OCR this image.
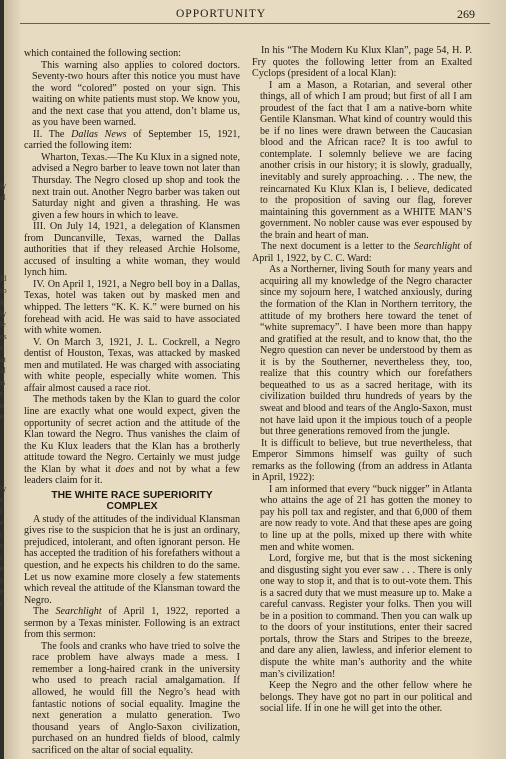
ly
al
ld
ro
g
ly
le
es
e
at
al
is
r
n
e
ly
e
l
e
c
e
t
e
s
e
t
OPPORTUNITY	269

which contained the following section:

This warning also applies to colored doctors. Seventy-two hours after this notice you must have the word “colored” posted on your sign. This waiting on white patients must stop. We know you, and the next case that you attend, don’t blame us, as you have been warned.

II. The Dallas News of September 15, 1921, carried the following item:

Wharton, Texas.—The Ku Klux in a signed note, advised a Negro barber to leave town not later than Thursday. The Negro closed up shop and took the next train out. Another Negro barber was taken out Saturday night and given a thrashing. He was given a few hours in which to leave.

III. On July 14, 1921, a delegation of Klansmen from Duncanville, Texas, warned the Dallas authorities that if they released Archie Holsome, accused of insulting a white woman, they would lynch him.

IV. On April 1, 1921, a Negro bell boy in a Dallas, Texas, hotel was taken out by masked men and whipped. The letters “K. K. K.” were burned on his forehead with acid. He was said to have associated with white women.

V. On March 3, 1921, J. L. Cockrell, a Negro dentist of Houston, Texas, was attacked by masked men and mutilated. He was charged with associating with white people, especially white women. This affair almost caused a race riot.

The methods taken by the Klan to guard the color line are exactly what one would expect, given the opportunity of secret action and the attitude of the Klan toward the Negro. Thus vanishes the claim of the Ku Klux leaders that the Klan has a brotherly attitude toward the Negro. Certainly we must judge the Klan by what it does and not by what a few leaders claim for it.

THE WHITE RACE SUPERIORITY
COMPLEX

A study of the attitudes of the individual Klansman gives rise to the suspicion that he is just an ordinary, prejudiced, intolerant, and often ignorant person. He has accepted the tradition of his forefathers without a question, and he expects his children to do the same. Let us now examine more closely a few statements which reveal the attitude of the Klansman toward the Negro.

The Searchlight of April 1, 1922, reported a sermon by a Texas minister. Following is an extract from this sermon:

The fools and cranks who have tried to solve the race problem have always made a mess. I remember a long-haired crank in the university who used to preach racial amalgamation. If allowed, he would fill the Negro’s head with fantastic notions of social equality. Imagine the next generation a mulatto generation. Two thousand years of Anglo-Saxon civilization, purchased on an hundred fields of blood, calmly sacrificed on the altar of social equality.

In his “The Modern Ku Klux Klan”, page 54, H. P. Fry quotes the following letter from an Exalted Cyclops (president of a local Klan):

I am a Mason, a Rotarian, and several other things, all of which I am proud; but first of all I am proudest of the fact that I am a native-born white Gentile Klansman. What kind of country would this be if no lines were drawn between the Caucasian blood and the African race? It is too awful to contemplate. I solemnly believe we are facing another crisis in our history; it is slowly, gradually, inevitably and surely approaching. . . The new, the reincarnated Ku Klux Klan is, I believe, dedicated to the proposition of saving our flag, forever maintaining this government as a WHITE MAN’S government. No nobler cause was ever espoused by the brain and heart of man.

The next document is a letter to the Searchlight of April 1, 1922, by C. C. Ward:

As a Northerner, living South for many years and acquiring all my knowledge of the Negro character since my sojourn here, I watched anxiously, during the formation of the Klan in Northern territory, the attitude of my brothers here toward the tenet of “white supremacy”. I have been more than happy and gratified at the result, and to know that, tho the Negro question can never be understood by them as it is by the Southerner, nevertheless they, too, realize that this country which our forefathers bequeathed to us as a sacred heritage, with its civilization builded thru hundreds of years by the sweat and blood and tears of the Anglo-Saxon, must not have laid upon it the impious touch of a people but three generations removed from the jungle.

It is difficult to believe, but true nevertheless, that Emperor Simmons himself was guilty of such remarks as the following (from an address in Atlanta in April, 1922):

I am informed that every “buck nigger” in Atlanta who attains the age of 21 has gotten the money to pay his poll tax and register, and that 6,000 of them are now ready to vote. And that these apes are going to line up at the polls, mixed up there with white men and white women.

Lord, forgive me, but that is the most sickening and disgusting sight you ever saw . . . There is only one way to stop it, and that is to out-vote them. This is a sacred duty that we must measure up to. Make a careful canvass. Register your folks. Then you will be in a position to command. Then you can walk up to the doors of your institutions, enter their sacred portals, throw the Stars and Stripes to the breeze, and dare any alien, lawless, and inferior element to dispute the white man’s authority and the white man’s civilization!

Keep the Negro and the other fellow where he belongs. They have got no part in our political and social life. If in one he will get into the other.
